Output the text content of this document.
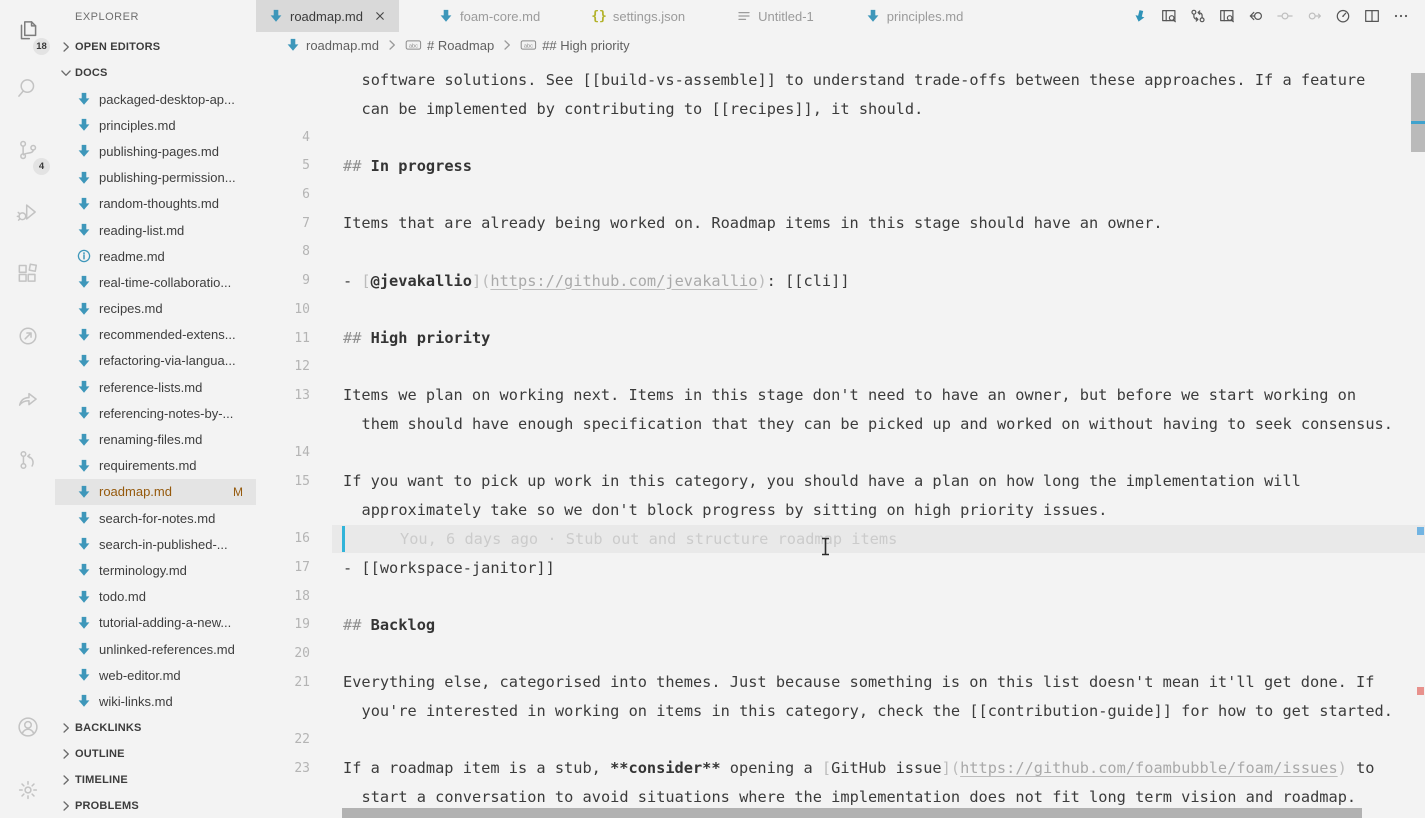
18
4
EXPLORER
OPEN EDITORS
DOCS
packaged-desktop-ap...
principles.md
publishing-pages.md
publishing-permission...
random-thoughts.md
reading-list.md
readme.md
real-time-collaboratio...
recipes.md
recommended-extens...
refactoring-via-langua...
reference-lists.md
referencing-notes-by-...
renaming-files.md
requirements.md
roadmap.md	M
search-for-notes.md
search-in-published-...
terminology.md
todo.md
tutorial-adding-a-new...
unlinked-references.md
web-editor.md
wiki-links.md
BACKLINKS
OUTLINE
TIMELINE
PROBLEMS
roadmap.md	foam-core.md	{} settings.json	Untitled-1	principles.md
roadmap.md	abc # Roadmap	abc ## High priority
software solutions. See [[build-vs-assemble]] to understand trade-offs between these approaches. If a feature
can be implemented by contributing to [[recipes]], it should.
4
5 ## In progress
6
7 Items that are already being worked on. Roadmap items in this stage should have an owner.
8
9 - [ @jevakallio ]( https://github.com/jevakallio ) : [[cli]]
10
11 ## High priority
12
13 Items we plan on working next. Items in this stage don't need to have an owner, but before we start working on
them should have enough specification that they can be picked up and worked on without having to seek consensus.
14
15 If you want to pick up work in this category, you should have a plan on how long the implementation will
approximately take so we don't block progress by sitting on high priority issues.
16	You, 6 days ago · Stub out and structure roadmap items
17 - [[workspace-janitor]]
18
19 ## Backlog
20
21 Everything else, categorised into themes. Just because something is on this list doesn't mean it'll get done. If
you're interested in working on items in this category, check the [[contribution-guide]] for how to get started.
22
23 If a roadmap item is a stub, **consider** opening a [ GitHub issue ]( https://github.com/foambubble/foam/issues ) to
start a conversation to avoid situations where the implementation does not fit long term vision and roadmap.
